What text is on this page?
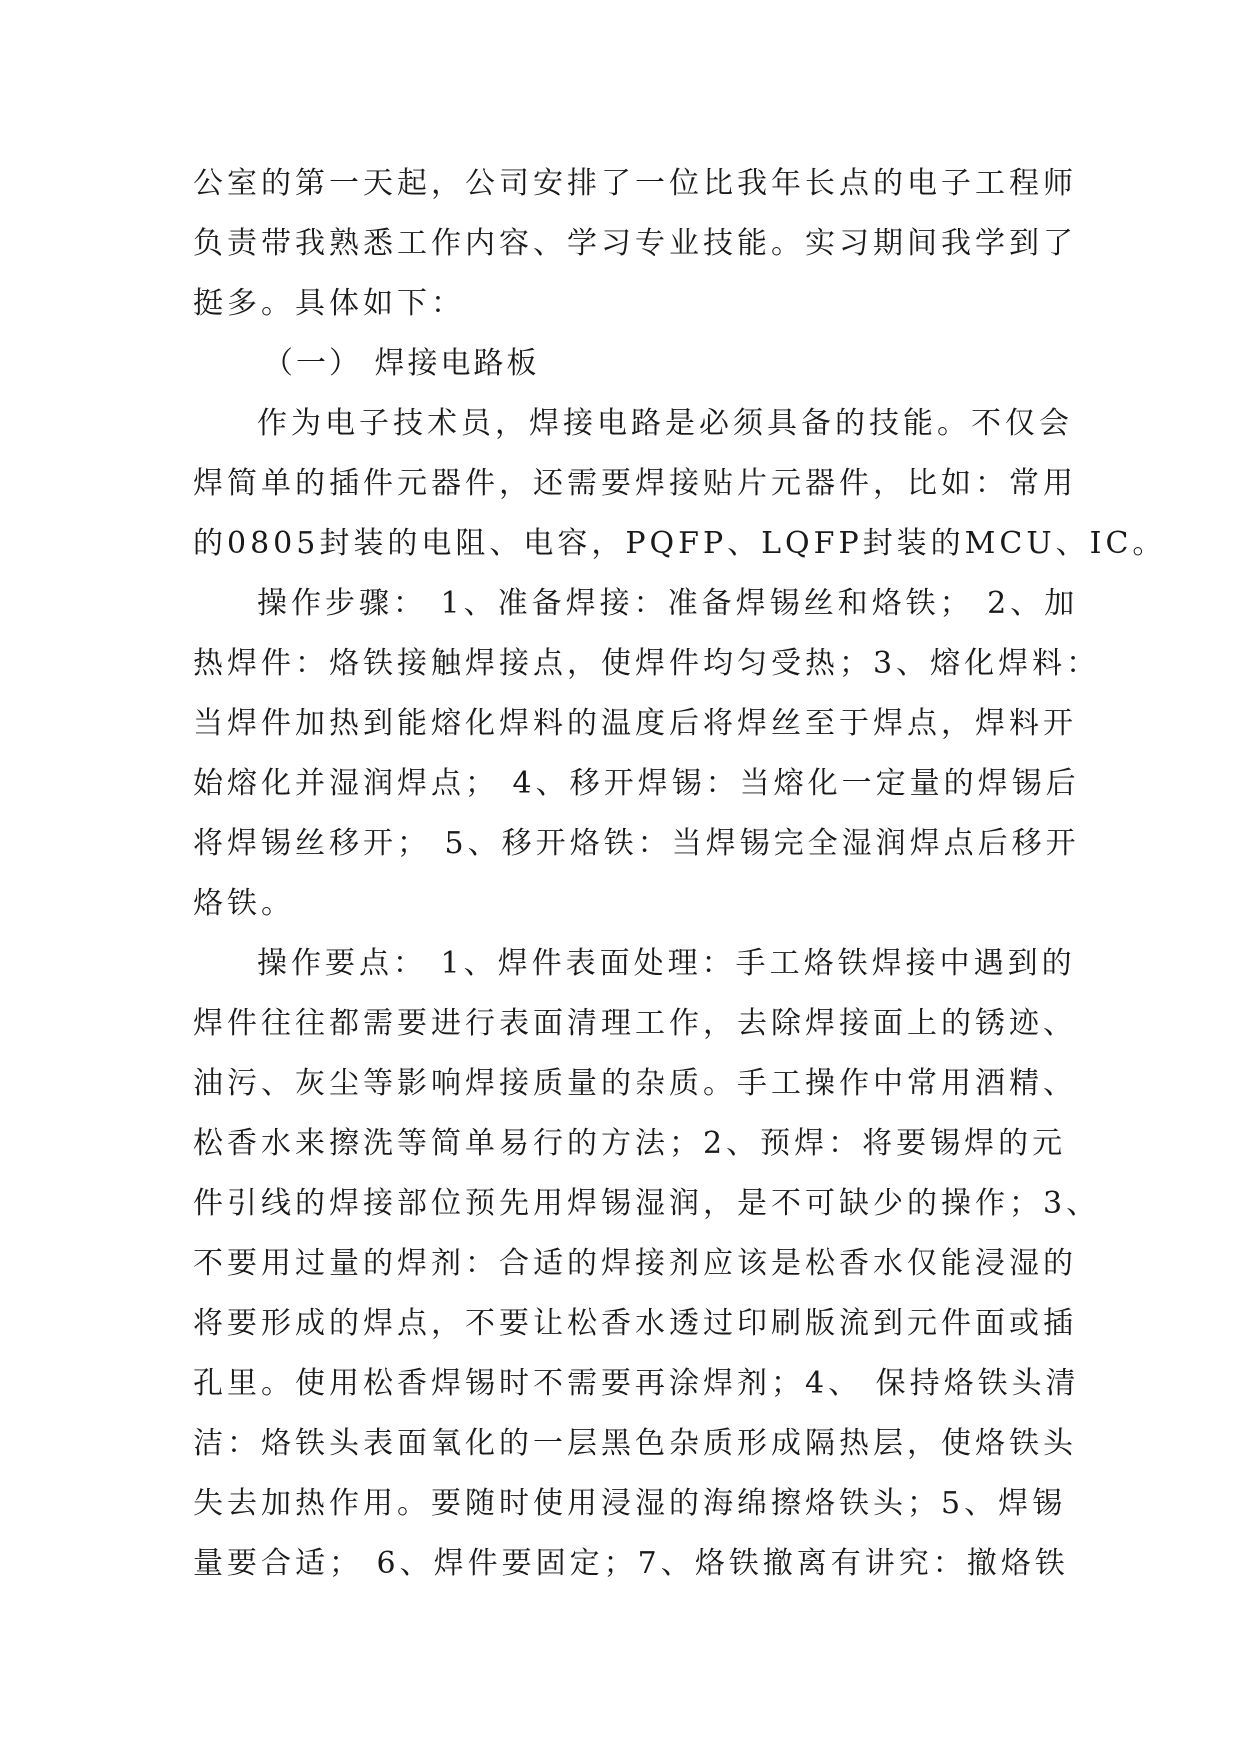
公室的第一天起，公司安排了一位比我年长点的电子工程师
负责带我熟悉工作内容、学习专业技能。实习期间我学到了
挺多。具体如下：
（一） 焊接电路板
作为电子技术员，焊接电路是必须具备的技能。不仅会
焊简单的插件元器件，还需要焊接贴片元器件，比如：常用
的0805封装的电阻、电容，PQFP、LQFP封装的MCU、IC。
操作步骤： 1、准备焊接：准备焊锡丝和烙铁； 2、加
热焊件：烙铁接触焊接点，使焊件均匀受热；3、熔化焊料：
当焊件加热到能熔化焊料的温度后将焊丝至于焊点，焊料开
始熔化并湿润焊点； 4、移开焊锡：当熔化一定量的焊锡后
将焊锡丝移开； 5、移开烙铁：当焊锡完全湿润焊点后移开
烙铁。
操作要点： 1、焊件表面处理：手工烙铁焊接中遇到的
焊件往往都需要进行表面清理工作，去除焊接面上的锈迹、
油污、灰尘等影响焊接质量的杂质。手工操作中常用酒精、
松香水来擦洗等简单易行的方法；2、预焊：将要锡焊的元
件引线的焊接部位预先用焊锡湿润，是不可缺少的操作；3、
不要用过量的焊剂：合适的焊接剂应该是松香水仅能浸湿的
将要形成的焊点，不要让松香水透过印刷版流到元件面或插
孔里。使用松香焊锡时不需要再涂焊剂；4、 保持烙铁头清
洁：烙铁头表面氧化的一层黑色杂质形成隔热层，使烙铁头
失去加热作用。要随时使用浸湿的海绵擦烙铁头；5、焊锡
量要合适； 6、焊件要固定；7、烙铁撤离有讲究：撤烙铁
